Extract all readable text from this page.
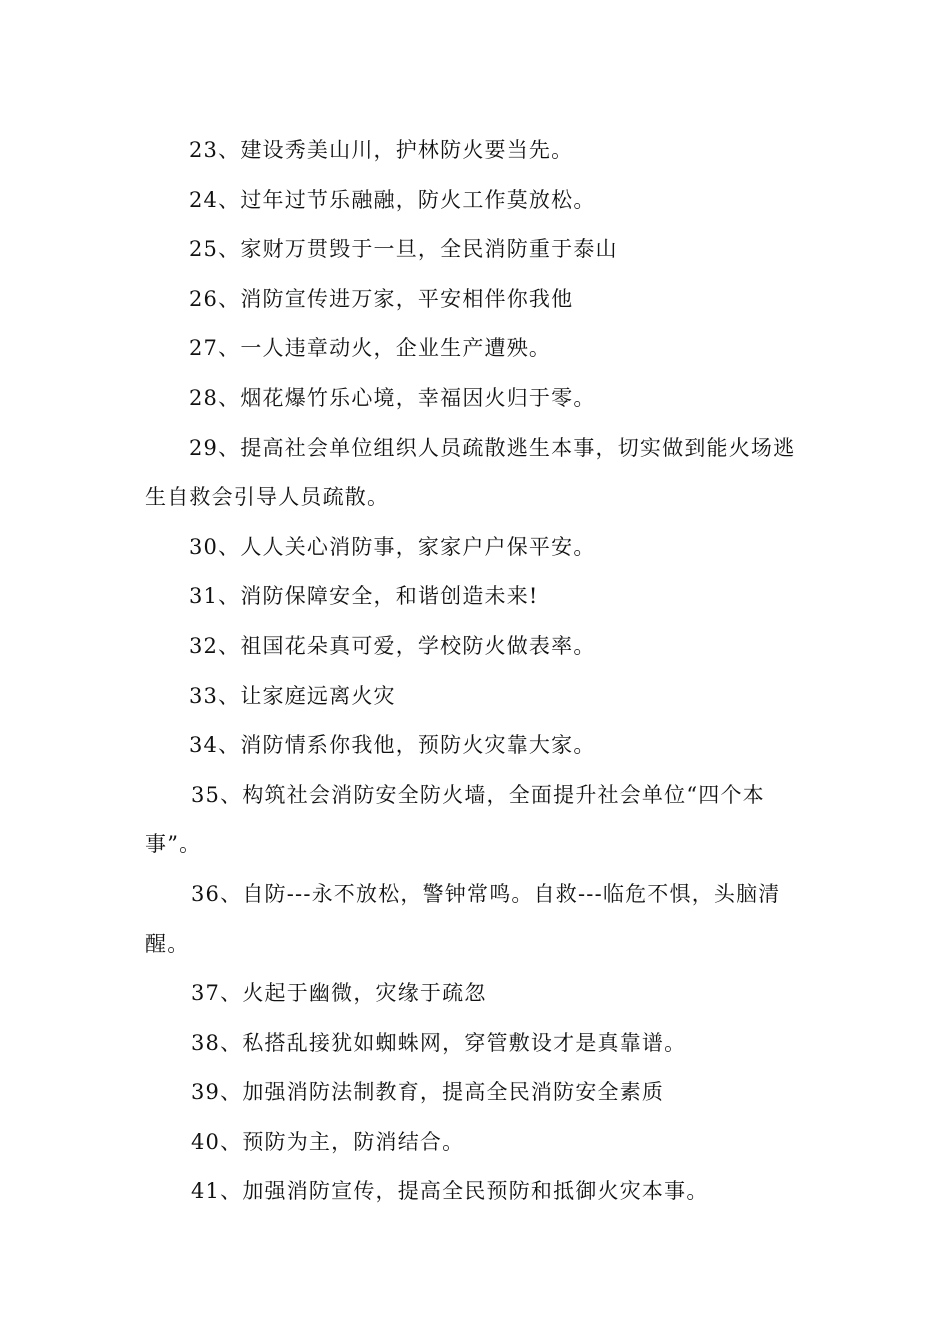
23、建设秀美山川，护林防火要当先。

24、过年过节乐融融，防火工作莫放松。

25、家财万贯毁于一旦，全民消防重于泰山

26、消防宣传进万家，平安相伴你我他

27、一人违章动火，企业生产遭殃。

28、烟花爆竹乐心境，幸福因火归于零。

29、提高社会单位组织人员疏散逃生本事，切实做到能火场逃生自救会引导人员疏散。

30、人人关心消防事，家家户户保平安。

31、消防保障安全，和谐创造未来!

32、祖国花朵真可爱，学校防火做表率。

33、让家庭远离火灾

34、消防情系你我他，预防火灾靠大家。

35、构筑社会消防安全防火墙，全面提升社会单位“四个本事”。

36、自防---永不放松，警钟常鸣。自救---临危不惧，头脑清醒。

37、火起于幽微，灾缘于疏忽

38、私搭乱接犹如蜘蛛网，穿管敷设才是真靠谱。

39、加强消防法制教育，提高全民消防安全素质

40、预防为主，防消结合。

41、加强消防宣传，提高全民预防和抵御火灾本事。
